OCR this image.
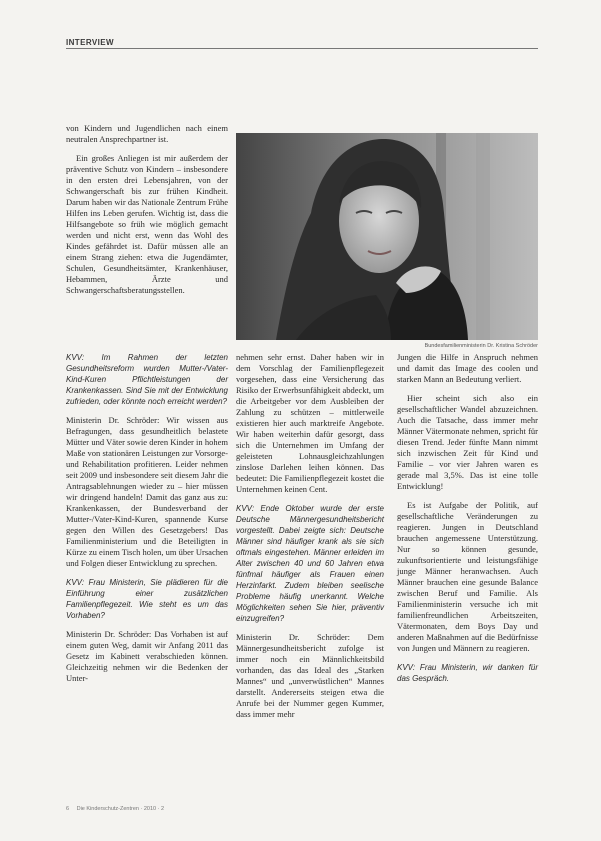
INTERVIEW
Bundesfamilienministerin Dr. Kristina Schröder

von Kindern und Jugendlichen nach einem neutralen Ansprechpartner ist.

Ein großes Anliegen ist mir außerdem der präventive Schutz von Kindern – insbesondere in den ersten drei Lebensjahren, von der Schwangerschaft bis zur frühen Kindheit. Darum haben wir das Nationale Zentrum Frühe Hilfen ins Leben gerufen. Wichtig ist, dass die Hilfsangebote so früh wie möglich gemacht werden und nicht erst, wenn das Wohl des Kindes gefährdet ist. Dafür müssen alle an einem Strang ziehen: etwa die Jugendämter, Schulen, Gesundheitsämter, Krankenhäuser, Hebammen, Ärzte und Schwangerschaftsberatungsstellen.

KVV: Im Rahmen der letzten Gesundheitsreform wurden Mutter-/Vater-Kind-Kuren Pflichtleistungen der Krankenkassen. Sind Sie mit der Entwicklung zufrieden, oder könnte noch erreicht werden?

Ministerin Dr. Schröder: Wir wissen aus Befragungen, dass gesundheitlich belastete Mütter und Väter sowie deren Kinder in hohem Maße von stationären Leistungen zur Vorsorge- und Rehabilitation profitieren. Leider nehmen seit 2009 und insbesondere seit diesem Jahr die Antragsablehnungen wieder zu – hier müssen wir dringend handeln! Damit das ganz aus zu: Krankenkassen, der Bundesverband der Mutter-/Vater-Kind-Kuren, spannende Kurse gegen den Willen des Gesetzgebers! Das Familienministerium und die Beteiligten in Kürze zu einem Tisch holen, um über Ursachen und Folgen dieser Entwicklung zu sprechen.

KVV: Frau Ministerin, Sie plädieren für die Einführung einer zusätzlichen Familienpflegezeit. Wie steht es um das Vorhaben?

Ministerin Dr. Schröder: Das Vorhaben ist auf einem guten Weg, damit wir Anfang 2011 das Gesetz im Kabinett verabschieden können. Gleichzeitig nehmen wir die Bedenken der Unter-

nehmen sehr ernst. Daher haben wir in dem Vorschlag der Familienpflegezeit vorgesehen, dass eine Versicherung das Risiko der Erwerbsunfähigkeit abdeckt, um die Arbeitgeber vor dem Ausbleiben der Zahlung zu schützen – mittlerweile existieren hier auch marktreife Angebote. Wir haben weiterhin dafür gesorgt, dass sich die Unternehmen im Umfang der geleisteten Lohnausgleichzahlungen zinslose Darlehen leihen können. Das bedeutet: Die Familienpflegezeit kostet die Unternehmen keinen Cent.

KVV: Ende Oktober wurde der erste Deutsche Männergesundheitsbericht vorgestellt. Dabei zeigte sich: Deutsche Männer sind häufiger krank als sie sich oftmals eingestehen. Männer erleiden im Alter zwischen 40 und 60 Jahren etwa fünfmal häufiger als Frauen einen Herzinfarkt. Zudem bleiben seelische Probleme häufig unerkannt. Welche Möglichkeiten sehen Sie hier, präventiv einzugreifen?

Ministerin Dr. Schröder: Dem Männergesundheitsbericht zufolge ist immer noch ein Männlichkeitsbild vorhanden, das das Ideal des „Starken Mannes“ und „unverwüstlichen“ Mannes darstellt. Andererseits steigen etwa die Anrufe bei der Nummer gegen Kummer, dass immer mehr

Jungen die Hilfe in Anspruch nehmen und damit das Image des coolen und starken Mann an Bedeutung verliert.

Hier scheint sich also ein gesellschaftlicher Wandel abzuzeichnen. Auch die Tatsache, dass immer mehr Männer Vätermonate nehmen, spricht für diesen Trend. Jeder fünfte Mann nimmt sich inzwischen Zeit für Kind und Familie – vor vier Jahren waren es gerade mal 3,5%. Das ist eine tolle Entwicklung!

Es ist Aufgabe der Politik, auf gesellschaftliche Veränderungen zu reagieren. Jungen in Deutschland brauchen angemessene Unterstützung. Nur so können gesunde, zukunftsorientierte und leistungsfähige junge Männer heranwachsen. Auch Männer brauchen eine gesunde Balance zwischen Beruf und Familie. Als Familienministerin versuche ich mit familienfreundlichen Arbeitszeiten, Vätermonaten, dem Boys Day und anderen Maßnahmen auf die Bedürfnisse von Jungen und Männern zu reagieren.

KVV: Frau Ministerin, wir danken für das Gespräch.

6 Die Kinderschutz-Zentren · 2010 · 2
